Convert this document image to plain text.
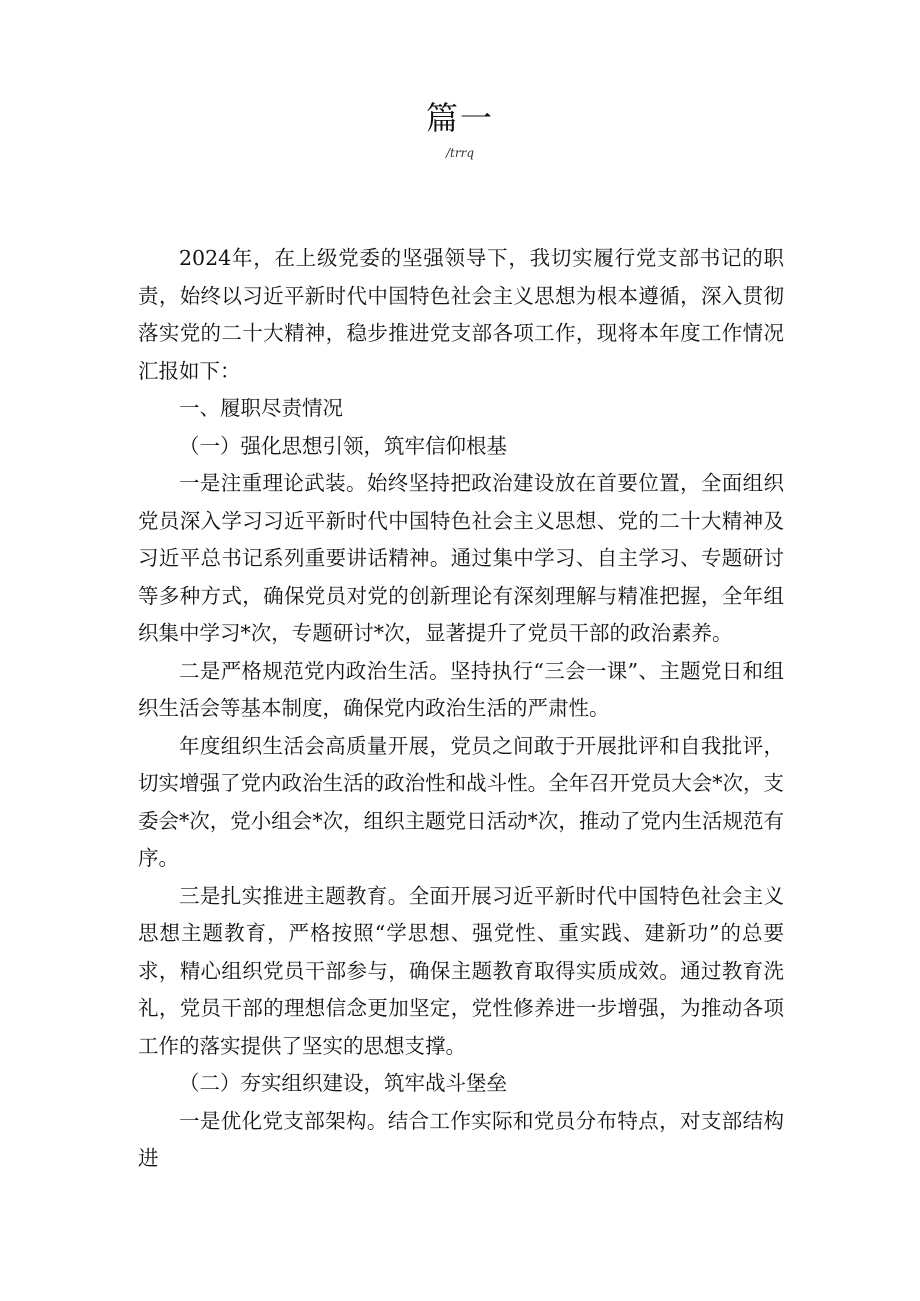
篇一
/trrq

2024年，在上级党委的坚强领导下，我切实履行党支部书记的职责，始终以习近平新时代中国特色社会主义思想为根本遵循，深入贯彻落实党的二十大精神，稳步推进党支部各项工作，现将本年度工作情况汇报如下：

一、履职尽责情况

（一）强化思想引领，筑牢信仰根基

一是注重理论武装。始终坚持把政治建设放在首要位置，全面组织党员深入学习习近平新时代中国特色社会主义思想、党的二十大精神及习近平总书记系列重要讲话精神。通过集中学习、自主学习、专题研讨等多种方式，确保党员对党的创新理论有深刻理解与精准把握，全年组织集中学习*次，专题研讨*次，显著提升了党员干部的政治素养。

二是严格规范党内政治生活。坚持执行“三会一课”、主题党日和组织生活会等基本制度，确保党内政治生活的严肃性。

年度组织生活会高质量开展，党员之间敢于开展批评和自我批评，切实增强了党内政治生活的政治性和战斗性。全年召开党员大会*次，支委会*次，党小组会*次，组织主题党日活动*次，推动了党内生活规范有序。

三是扎实推进主题教育。全面开展习近平新时代中国特色社会主义思想主题教育，严格按照“学思想、强党性、重实践、建新功”的总要求，精心组织党员干部参与，确保主题教育取得实质成效。通过教育洗礼，党员干部的理想信念更加坚定，党性修养进一步增强，为推动各项工作的落实提供了坚实的思想支撑。

（二）夯实组织建设，筑牢战斗堡垒

一是优化党支部架构。结合工作实际和党员分布特点，对支部结构进
